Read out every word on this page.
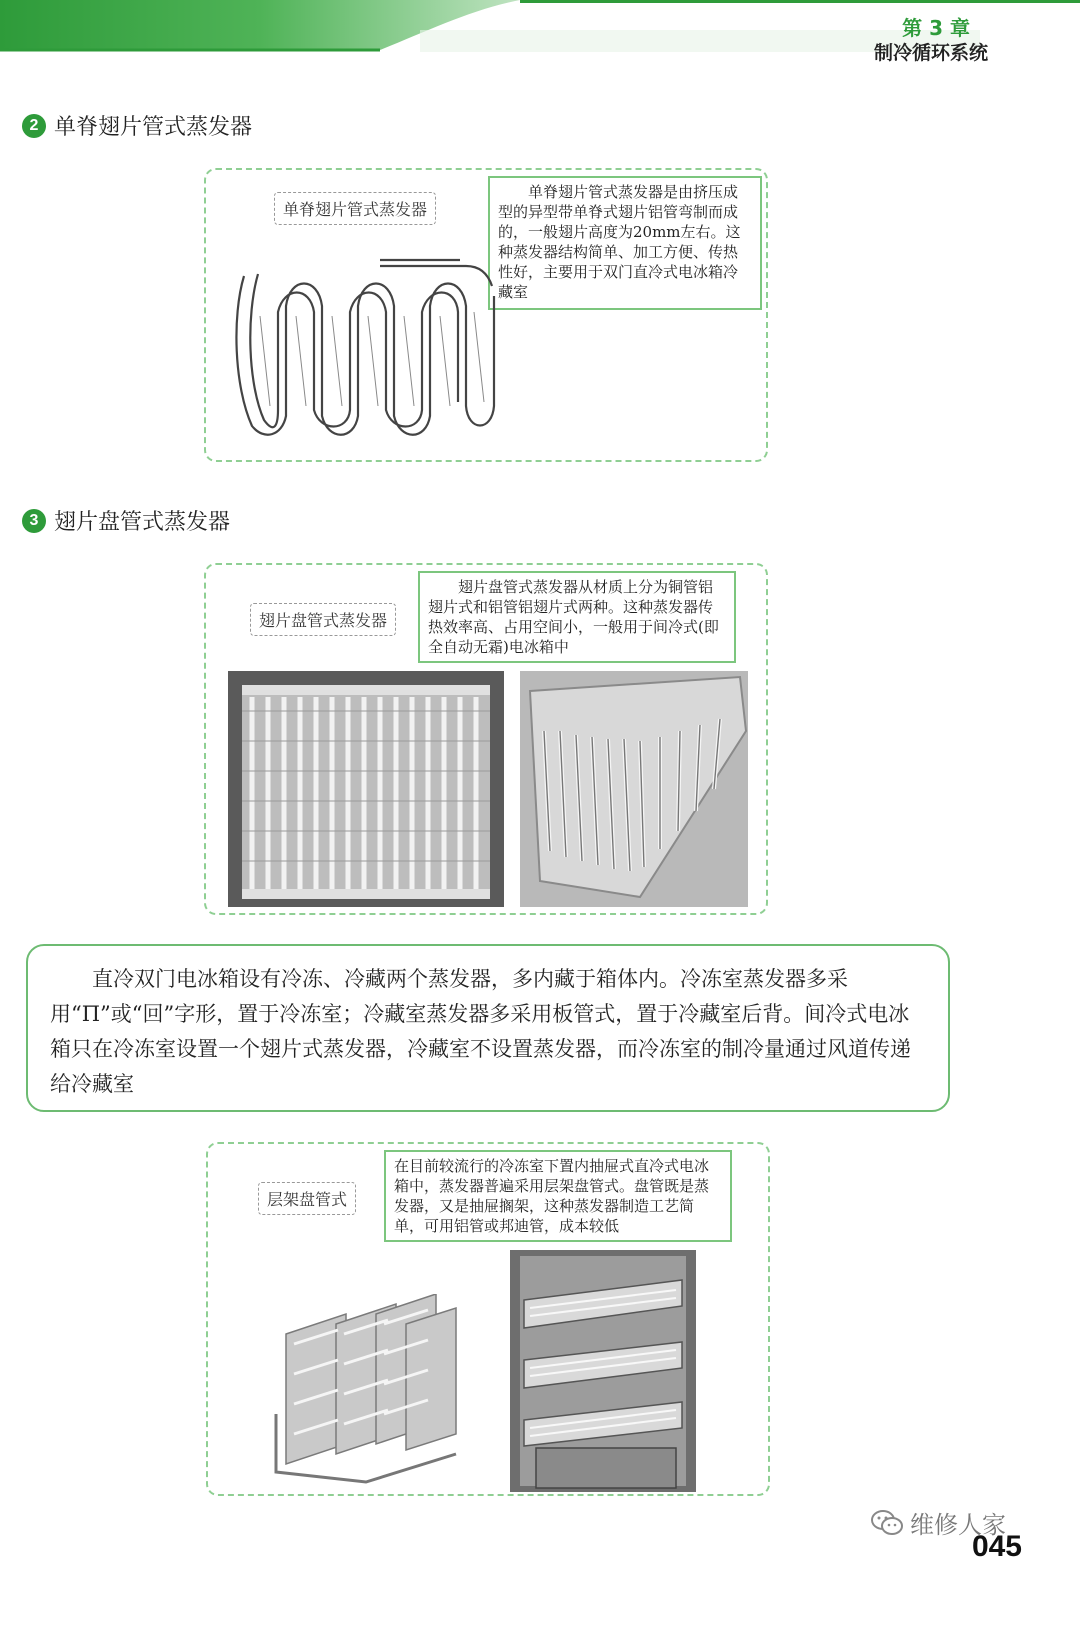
第 3 章
制冷循环系统
2 单脊翅片管式蒸发器
单脊翅片管式蒸发器
单脊翅片管式蒸发器是由挤压成型的异型带单脊式翅片铝管弯制而成的，一般翅片高度为20mm左右。这种蒸发器结构简单、加工方便、传热性好，主要用于双门直冷式电冰箱冷藏室
3 翅片盘管式蒸发器
翅片盘管式蒸发器
翅片盘管式蒸发器从材质上分为铜管铝翅片式和铝管铝翅片式两种。这种蒸发器传热效率高、占用空间小，一般用于间冷式(即全自动无霜)电冰箱中
直冷双门电冰箱设有冷冻、冷藏两个蒸发器，多内藏于箱体内。冷冻室蒸发器多采用“Π”或“回”字形，置于冷冻室；冷藏室蒸发器多采用板管式，置于冷藏室后背。间冷式电冰箱只在冷冻室设置一个翅片式蒸发器，冷藏室不设置蒸发器，而冷冻室的制冷量通过风道传递给冷藏室
层架盘管式
在目前较流行的冷冻室下置内抽屉式直冷式电冰箱中，蒸发器普遍采用层架盘管式。盘管既是蒸发器，又是抽屉搁架，这种蒸发器制造工艺简单，可用铝管或邦迪管，成本较低
维修人家
045
